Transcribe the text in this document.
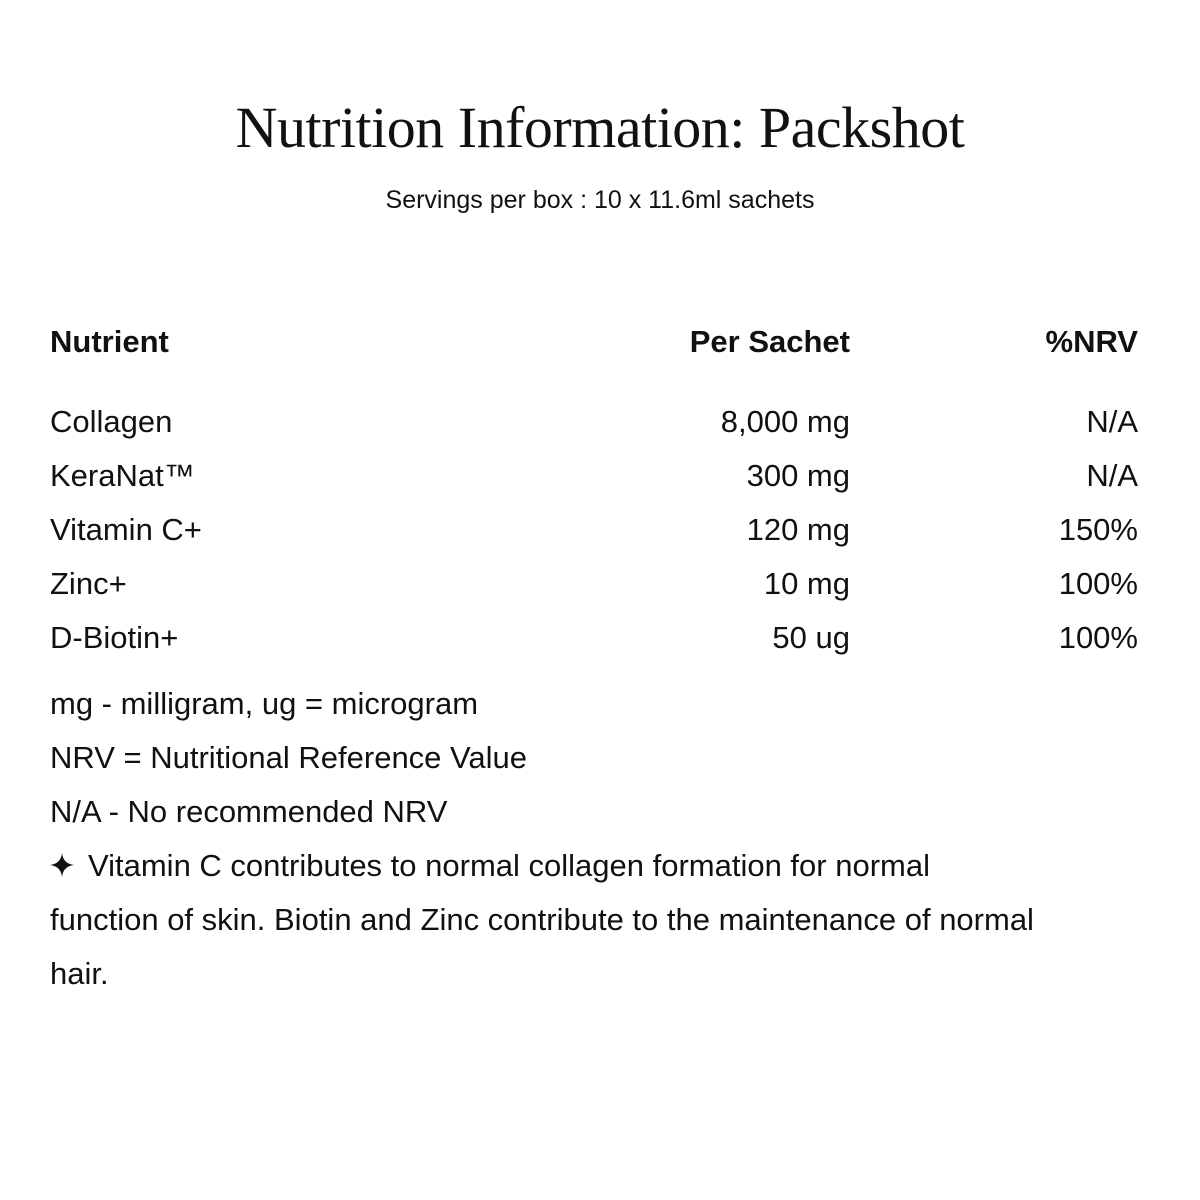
Nutrition Information: Packshot
Servings per box : 10 x 11.6ml sachets
Nutrient	Per Sachet	%NRV
Collagen	8,000 mg	N/A
KeraNat™	300 mg	N/A
Vitamin C+	120 mg	150%
Zinc+	10 mg	100%
D-Biotin+	50 ug	100%
mg - milligram, ug = microgram
NRV = Nutritional Reference Value
N/A - No recommended NRV
Vitamin C contributes to normal collagen formation for normal function of skin. Biotin and Zinc contribute to the maintenance of normal hair.
